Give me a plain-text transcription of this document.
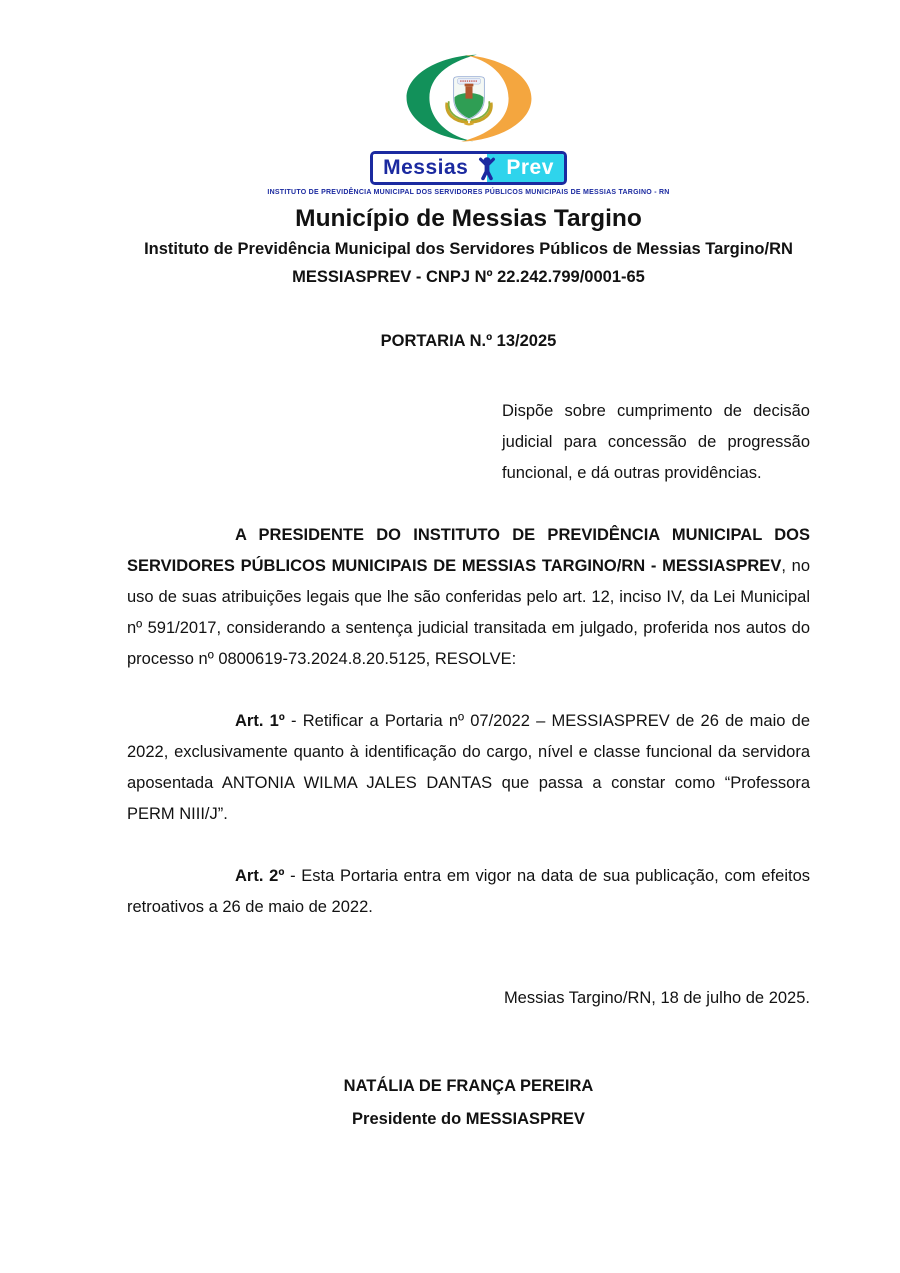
Messias Prev
INSTITUTO DE PREVIDÊNCIA MUNICIPAL DOS SERVIDORES PÚBLICOS MUNICIPAIS DE MESSIAS TARGINO - RN
Município de Messias Targino
Instituto de Previdência Municipal dos Servidores Públicos de Messias Targino/RN
MESSIASPREV - CNPJ Nº 22.242.799/0001-65
PORTARIA N.º 13/2025
Dispõe sobre cumprimento de decisão judicial para concessão de progressão funcional, e dá outras providências.

A PRESIDENTE DO INSTITUTO DE PREVIDÊNCIA MUNICIPAL DOS SERVIDORES PÚBLICOS MUNICIPAIS DE MESSIAS TARGINO/RN - MESSIASPREV, no uso de suas atribuições legais que lhe são conferidas pelo art. 12, inciso IV, da Lei Municipal nº 591/2017, considerando a sentença judicial transitada em julgado, proferida nos autos do processo nº 0800619-73.2024.8.20.5125, RESOLVE:

Art. 1º - Retificar a Portaria nº 07/2022 – MESSIASPREV de 26 de maio de 2022, exclusivamente quanto à identificação do cargo, nível e classe funcional da servidora aposentada ANTONIA WILMA JALES DANTAS que passa a constar como “Professora PERM NIII/J”.

Art. 2º - Esta Portaria entra em vigor na data de sua publicação, com efeitos retroativos a 26 de maio de 2022.

Messias Targino/RN, 18 de julho de 2025.
NATÁLIA DE FRANÇA PEREIRA
Presidente do MESSIASPREV
